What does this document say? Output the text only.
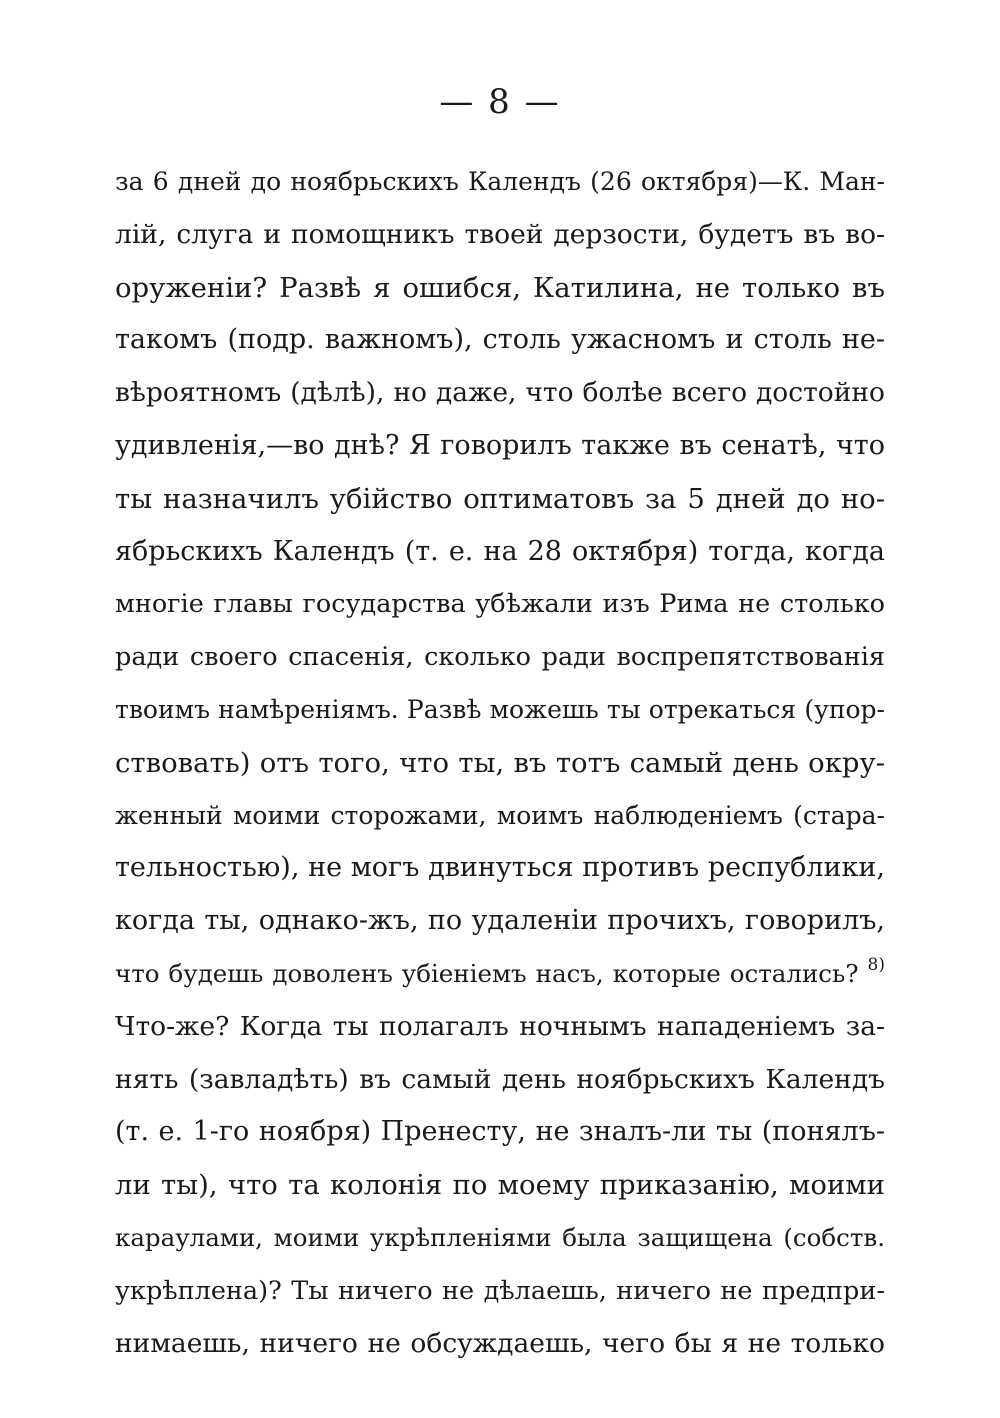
— 8 —
за 6 дней до ноябрьскихъ Календъ (26 октября)—К. Ман-
лій, слуга и помощникъ твоей дерзости, будетъ въ во-
оруженіи? Развѣ я ошибся, Катилина, не только въ
такомъ (подр. важномъ), столь ужасномъ и столь не-
вѣроятномъ (дѣлѣ), но даже, что болѣе всего достойно
удивленія,—во днѣ? Я говорилъ также въ сенатѣ, что
ты назначилъ убійство оптиматовъ за 5 дней до но-
ябрьскихъ Календъ (т. е. на 28 октября) тогда, когда
многіе главы государства убѣжали изъ Рима не столько
ради своего спасенія, сколько ради воспрепятствованія
твоимъ намѣреніямъ. Развѣ можешь ты отрекаться (упор-
ствовать) отъ того, что ты, въ тотъ самый день окру-
женный моими сторожами, моимъ наблюденіемъ (стара-
тельностью), не могъ двинуться противъ республики,
когда ты, однако-жъ, по удаленіи прочихъ, говорилъ,
что будешь доволенъ убіеніемъ насъ, которые остались? $^{8)}$
Что-же? Когда ты полагалъ ночнымъ нападеніемъ за-
нять (завладѣть) въ самый день ноябрьскихъ Календъ
(т. е. 1-го ноября) Пренесту, не зналъ-ли ты (понялъ-
ли ты), что та колонія по моему приказанію, моими
караулами, моими укрѣпленіями была защищена (собств.
укрѣплена)? Ты ничего не дѣлаешь, ничего не предпри-
нимаешь, ничего не обсуждаешь, чего бы я не только
